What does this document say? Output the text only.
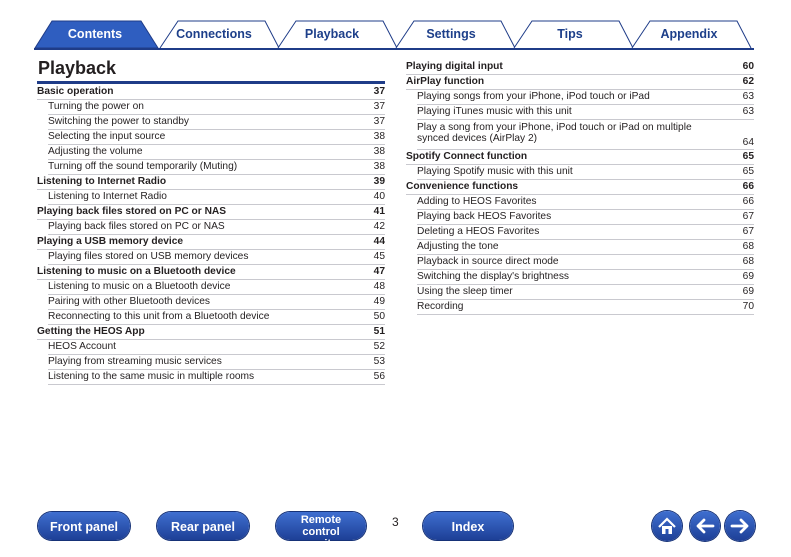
Contents	Connections	Playback	Settings	Tips	Appendix
Playback
Basic operation	37
Turning the power on	37
Switching the power to standby	37
Selecting the input source	38
Adjusting the volume	38
Turning off the sound temporarily (Muting)	38
Listening to Internet Radio	39
Listening to Internet Radio	40
Playing back files stored on PC or NAS	41
Playing back files stored on PC or NAS	42
Playing a USB memory device	44
Playing files stored on USB memory devices	45
Listening to music on a Bluetooth device	47
Listening to music on a Bluetooth device	48
Pairing with other Bluetooth devices	49
Reconnecting to this unit from a Bluetooth device	50
Getting the HEOS App	51
HEOS Account	52
Playing from streaming music services	53
Listening to the same music in multiple rooms	56
Playing digital input	60
AirPlay function	62
Playing songs from your iPhone, iPod touch or iPad	63
Playing iTunes music with this unit	63
Play a song from your iPhone, iPod touch or iPad on multiple synced devices (AirPlay 2)	64
Spotify Connect function	65
Playing Spotify music with this unit	65
Convenience functions	66
Adding to HEOS Favorites	66
Playing back HEOS Favorites	67
Deleting a HEOS Favorites	67
Adjusting the tone	68
Playback in source direct mode	68
Switching the display's brightness	69
Using the sleep timer	69
Recording	70
Front panel	Rear panel	Remote control
unit
3	Index
